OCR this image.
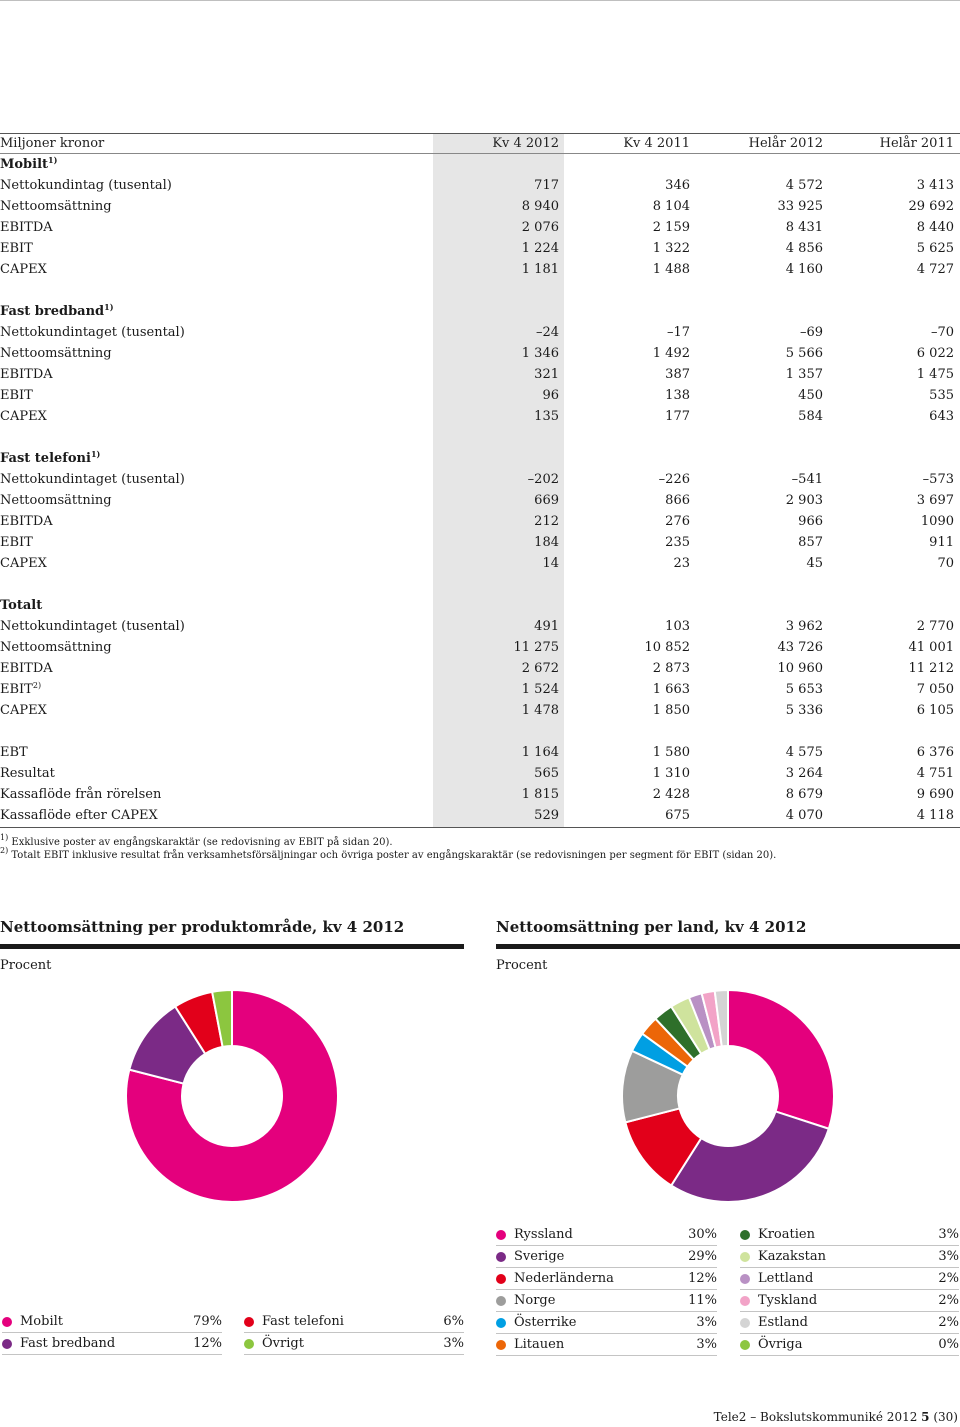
Miljoner kronor	Kv 4 2012	Kv 4 2011	Helår 2012	Helår 2011
Mobilt$^{1)}$
Nettokundintag (tusental)	717	346	4 572	3 413
Nettoomsättning	8 940	8 104	33 925	29 692
EBITDA	2 076	2 159	8 431	8 440
EBIT	1 224	1 322	4 856	5 625
CAPEX	1 181	1 488	4 160	4 727
Fast bredband$^{1)}$
Nettokundintaget (tusental)	–24	–17	–69	–70
Nettoomsättning	1 346	1 492	5 566	6 022
EBITDA	321	387	1 357	1 475
EBIT	96	138	450	535
CAPEX	135	177	584	643
Fast telefoni$^{1)}$
Nettokundintaget (tusental)	–202	–226	–541	–573
Nettoomsättning	669	866	2 903	3 697
EBITDA	212	276	966	1090
EBIT	184	235	857	911
CAPEX	14	23	45	70
Totalt
Nettokundintaget (tusental)	491	103	3 962	2 770
Nettoomsättning	11 275	10 852	43 726	41 001
EBITDA	2 672	2 873	10 960	11 212
EBIT$^{2)}$	1 524	1 663	5 653	7 050
CAPEX	1 478	1 850	5 336	6 105
EBT	1 164	1 580	4 575	6 376
Resultat	565	1 310	3 264	4 751
Kassaflöde från rörelsen	1 815	2 428	8 679	9 690
Kassaflöde efter CAPEX	529	675	4 070	4 118
$^{1)}$ Exklusive poster av engångskaraktär (se redovisning av EBIT på sidan 20).
$^{2)}$ Totalt EBIT inklusive resultat från verksamhetsförsäljningar och övriga poster av engångskaraktär (se redovisningen per segment för EBIT (sidan 20).
Nettoomsättning per produktområde, kv 4 2012
Procent
Mobilt	79%
Fast bredband	12%
Fast telefoni	6%
Övrigt	3%
Nettoomsättning per land, kv 4 2012
Procent
Ryssland	30%
Sverige	29%
Nederländerna	12%
Norge	11%
Österrike	3%
Litauen	3%
Kroatien	3%
Kazakstan	3%
Lettland	2%
Tyskland	2%
Estland	2%
Övriga	0%
Tele2 – Bokslutskommuniké 2012 5 (30)
